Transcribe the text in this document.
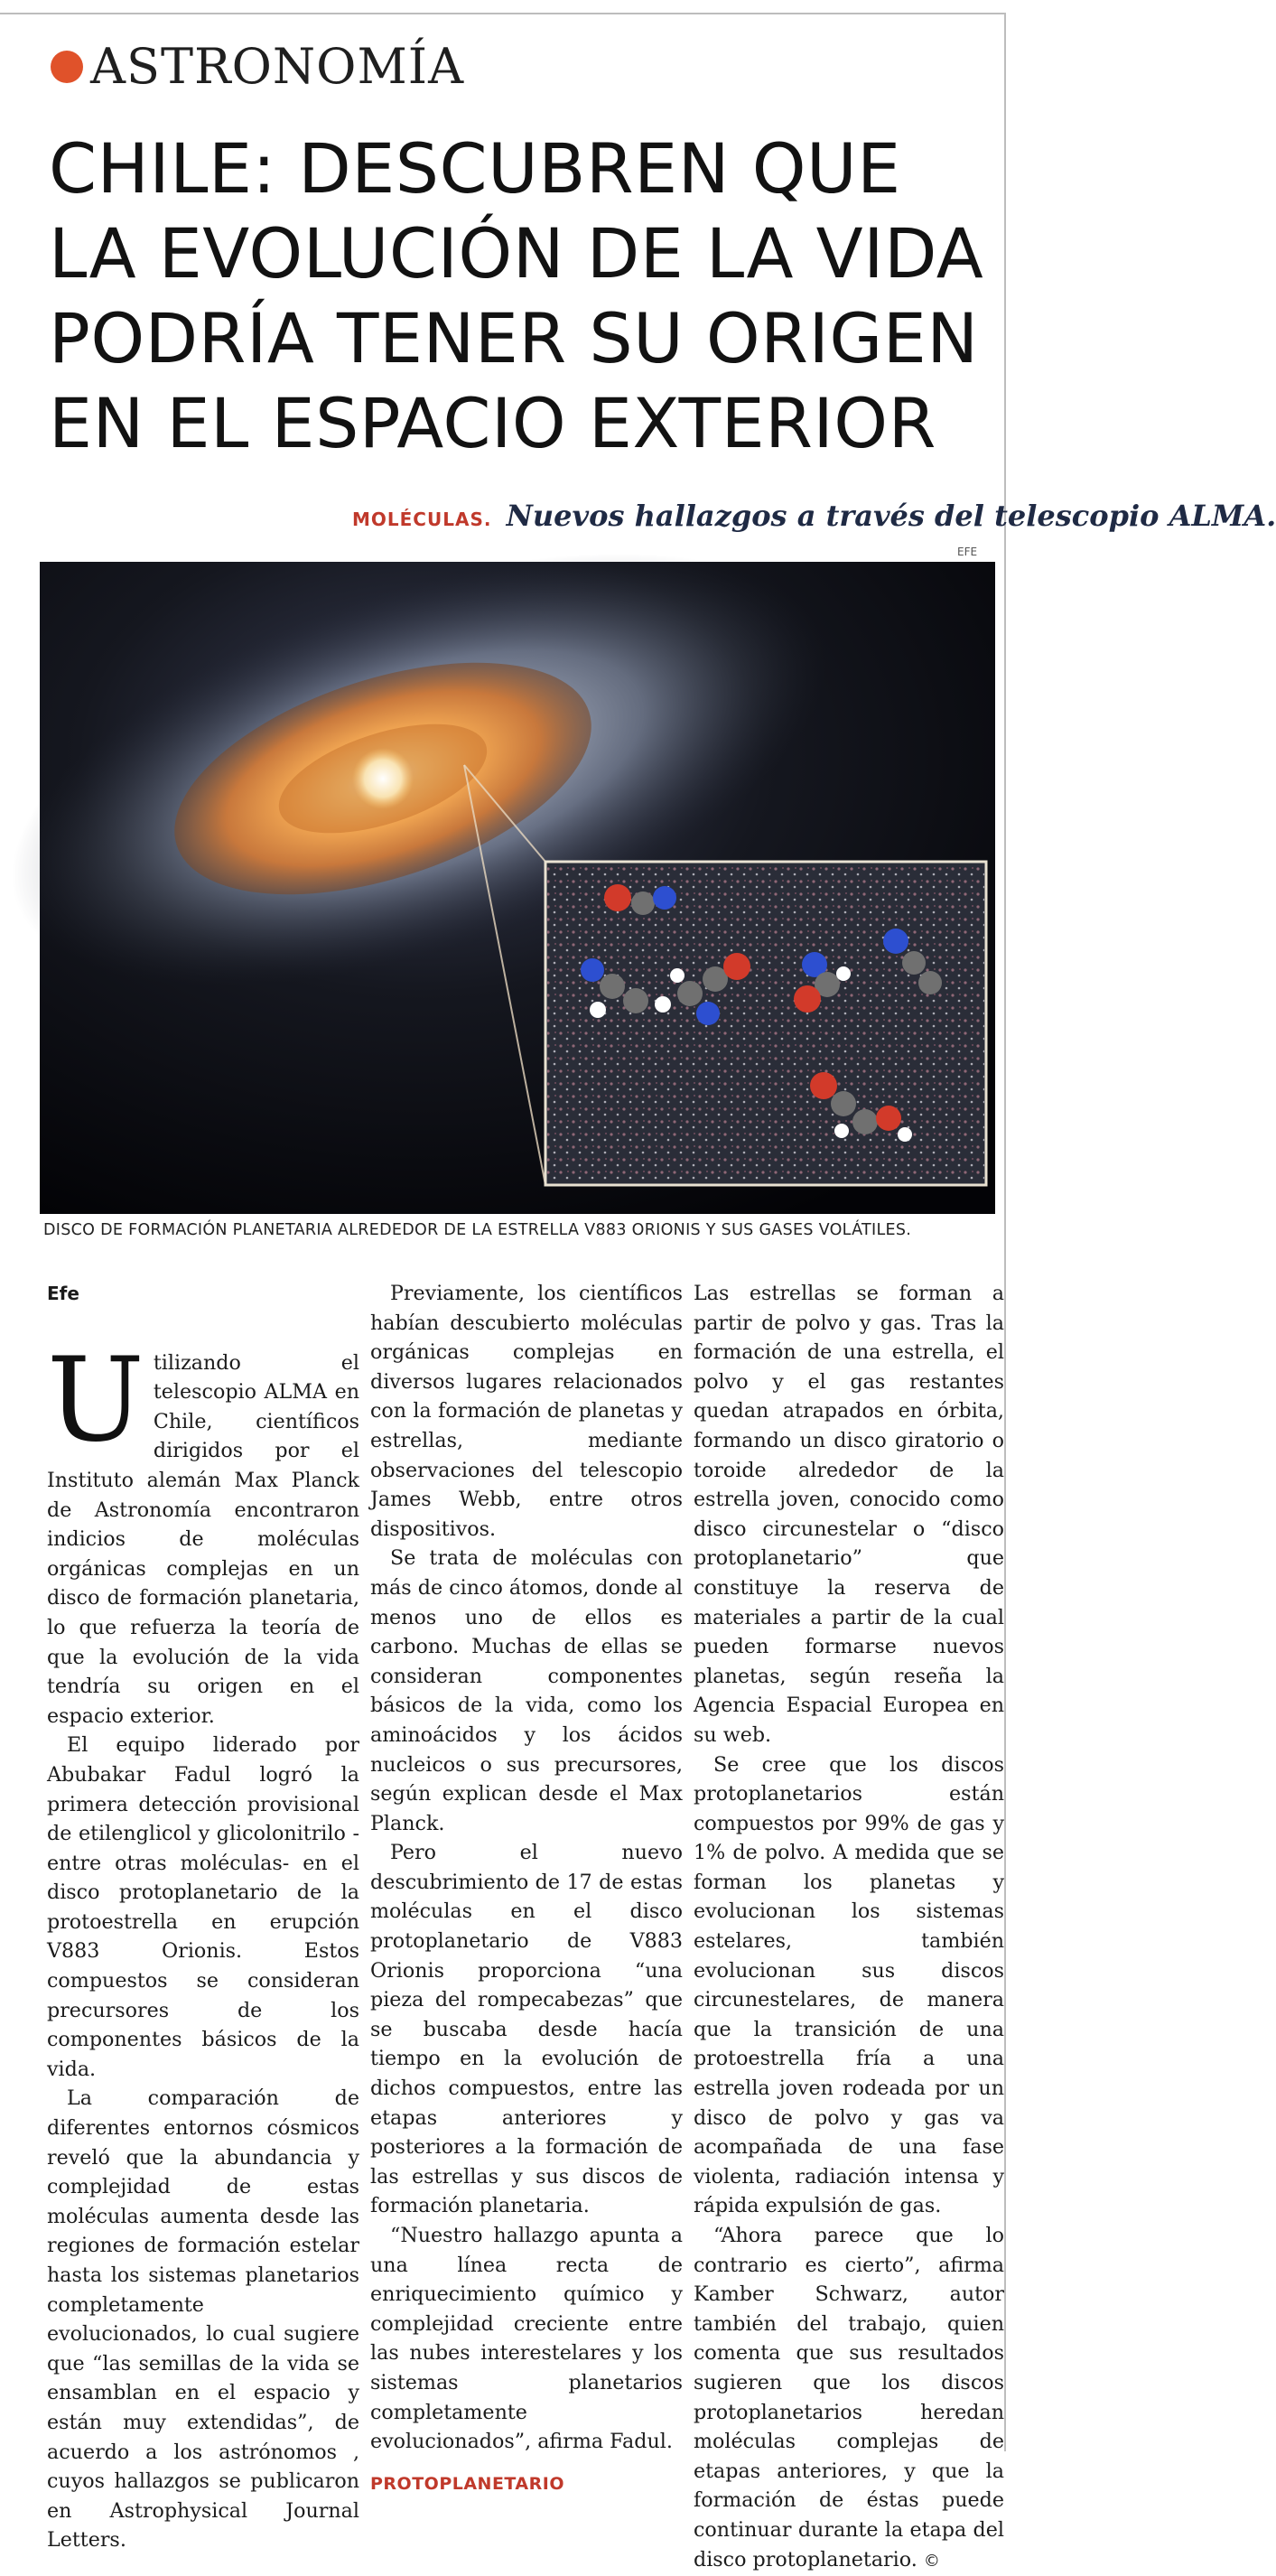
ASTRONOMÍA
CHILE: DESCUBREN QUE
LA EVOLUCIÓN DE LA VIDA
PODRÍA TENER SU ORIGEN
EN EL ESPACIO EXTERIOR
MOLÉCULAS. Nuevos hallazgos a través del telescopio ALMA.
EFE
DISCO DE FORMACIÓN PLANETARIA ALREDEDOR DE LA ESTRELLA V883 ORIONIS Y SUS GASES VOLÁTILES.
Efe

Utilizando el telescopio ALMA en Chile, científicos dirigidos por el Instituto alemán Max Planck de Astronomía encontraron indicios de moléculas orgánicas complejas en un disco de formación planetaria, lo que refuerza la teoría de que la evolución de la vida tendría su origen en el espacio exterior.

El equipo liderado por Abubakar Fadul logró la primera detección provisional de etilenglicol y glicolonitrilo -entre otras moléculas- en el disco protoplanetario de la protoestrella en erupción V883 Orionis. Estos compuestos se consideran precursores de los componentes básicos de la vida.

La comparación de diferentes entornos cósmicos reveló que la abundancia y complejidad de estas moléculas aumenta desde las regiones de formación estelar hasta los sistemas planetarios completamente evolucionados, lo cual sugiere que “las semillas de la vida se ensamblan en el espacio y están muy extendidas”, de acuerdo a los astrónomos , cuyos hallazgos se publicaron en Astrophysical Journal Letters.

Previamente, los científicos habían descubierto moléculas orgánicas complejas en diversos lugares relacionados con la formación de planetas y estrellas, mediante observaciones del telescopio James Webb, entre otros dispositivos.

Se trata de moléculas con más de cinco átomos, donde al menos uno de ellos es carbono. Muchas de ellas se consideran componentes básicos de la vida, como los aminoácidos y los ácidos nucleicos o sus precursores, según explican desde el Max Planck.

Pero el nuevo descubrimiento de 17 de estas moléculas en el disco protoplanetario de V883 Orionis proporciona “una pieza del rompecabezas” que se buscaba desde hacía tiempo en la evolución de dichos compuestos, entre las etapas anteriores y posteriores a la formación de las estrellas y sus discos de formación planetaria.

“Nuestro hallazgo apunta a una línea recta de enriquecimiento químico y complejidad creciente entre las nubes interestelares y los sistemas planetarios completamente evolucionados”, afirma Fadul.

PROTOPLANETARIO

Las estrellas se forman a partir de polvo y gas. Tras la formación de una estrella, el polvo y el gas restantes quedan atrapados en órbita, formando un disco giratorio o toroide alrededor de la estrella joven, conocido como disco circunestelar o “disco protoplanetario” que constituye la reserva de materiales a partir de la cual pueden formarse nuevos planetas, según reseña la Agencia Espacial Europea en su web.

Se cree que los discos protoplanetarios están compuestos por 99% de gas y 1% de polvo. A medida que se forman los planetas y evolucionan los sistemas estelares, también evolucionan sus discos circunestelares, de manera que la transición de una protoestrella fría a una estrella joven rodeada por un disco de polvo y gas va acompañada de una fase violenta, radiación intensa y rápida expulsión de gas.

“Ahora parece que lo contrario es cierto”, afirma Kamber Schwarz, autor también del trabajo, quien comenta que sus resultados sugieren que los discos protoplanetarios heredan moléculas complejas de etapas anteriores, y que la formación de éstas puede continuar durante la etapa del disco protoplanetario. ©
